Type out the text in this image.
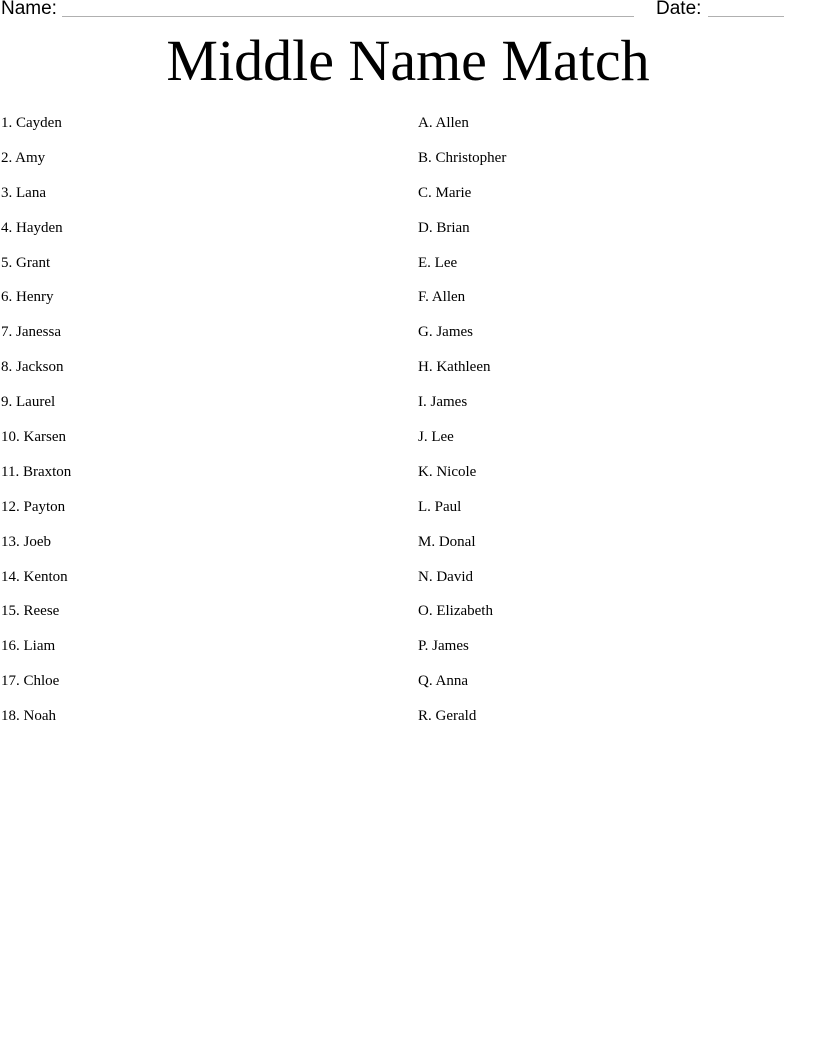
Name:	Date:
Middle Name Match
1. Cayden
2. Amy
3. Lana
4. Hayden
5. Grant
6. Henry
7. Janessa
8. Jackson
9. Laurel
10. Karsen
11. Braxton
12. Payton
13. Joeb
14. Kenton
15. Reese
16. Liam
17. Chloe
18. Noah
A. Allen
B. Christopher
C. Marie
D. Brian
E. Lee
F. Allen
G. James
H. Kathleen
I. James
J. Lee
K. Nicole
L. Paul
M. Donal
N. David
O. Elizabeth
P. James
Q. Anna
R. Gerald
